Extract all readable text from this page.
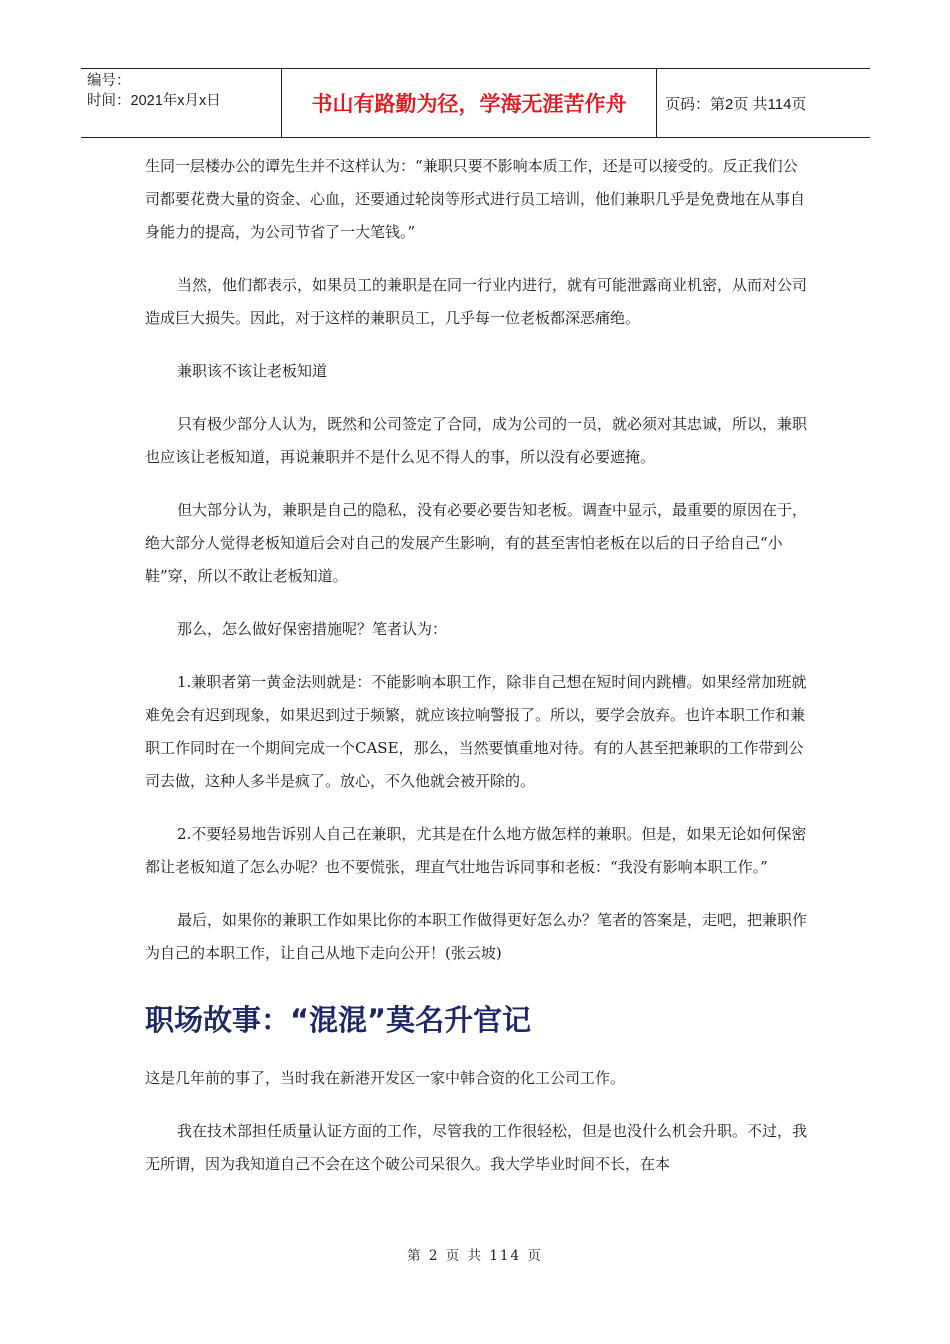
编号：
时间：2021年x月x日	书山有路勤为径，学海无涯苦作舟	页码：第2页 共114页

生同一层楼办公的谭先生并不这样认为：“兼职只要不影响本质工作，还是可以接受的。反正我们公司都要花费大量的资金、心血，还要通过轮岗等形式进行员工培训，他们兼职几乎是免费地在从事自身能力的提高，为公司节省了一大笔钱。”

当然，他们都表示，如果员工的兼职是在同一行业内进行，就有可能泄露商业机密，从而对公司造成巨大损失。因此，对于这样的兼职员工，几乎每一位老板都深恶痛绝。

兼职该不该让老板知道

只有极少部分人认为，既然和公司签定了合同，成为公司的一员，就必须对其忠诚，所以，兼职也应该让老板知道，再说兼职并不是什么见不得人的事，所以没有必要遮掩。

但大部分认为，兼职是自己的隐私，没有必要必要告知老板。调查中显示，最重要的原因在于，绝大部分人觉得老板知道后会对自己的发展产生影响，有的甚至害怕老板在以后的日子给自己“小鞋”穿，所以不敢让老板知道。

那么，怎么做好保密措施呢？笔者认为：

1.兼职者第一黄金法则就是：不能影响本职工作，除非自己想在短时间内跳槽。如果经常加班就难免会有迟到现象，如果迟到过于频繁，就应该拉响警报了。所以，要学会放弃。也许本职工作和兼职工作同时在一个期间完成一个CASE，那么，当然要慎重地对待。有的人甚至把兼职的工作带到公司去做，这种人多半是疯了。放心，不久他就会被开除的。

2.不要轻易地告诉别人自己在兼职，尤其是在什么地方做怎样的兼职。但是，如果无论如何保密都让老板知道了怎么办呢？也不要慌张，理直气壮地告诉同事和老板：“我没有影响本职工作。”

最后，如果你的兼职工作如果比你的本职工作做得更好怎么办？笔者的答案是，走吧，把兼职作为自己的本职工作，让自己从地下走向公开！(张云坡)

职场故事：“混混”莫名升官记

这是几年前的事了，当时我在新港开发区一家中韩合资的化工公司工作。

我在技术部担任质量认证方面的工作，尽管我的工作很轻松，但是也没什么机会升职。不过，我无所谓，因为我知道自己不会在这个破公司呆很久。我大学毕业时间不长，在本

第 2 页 共 114 页
